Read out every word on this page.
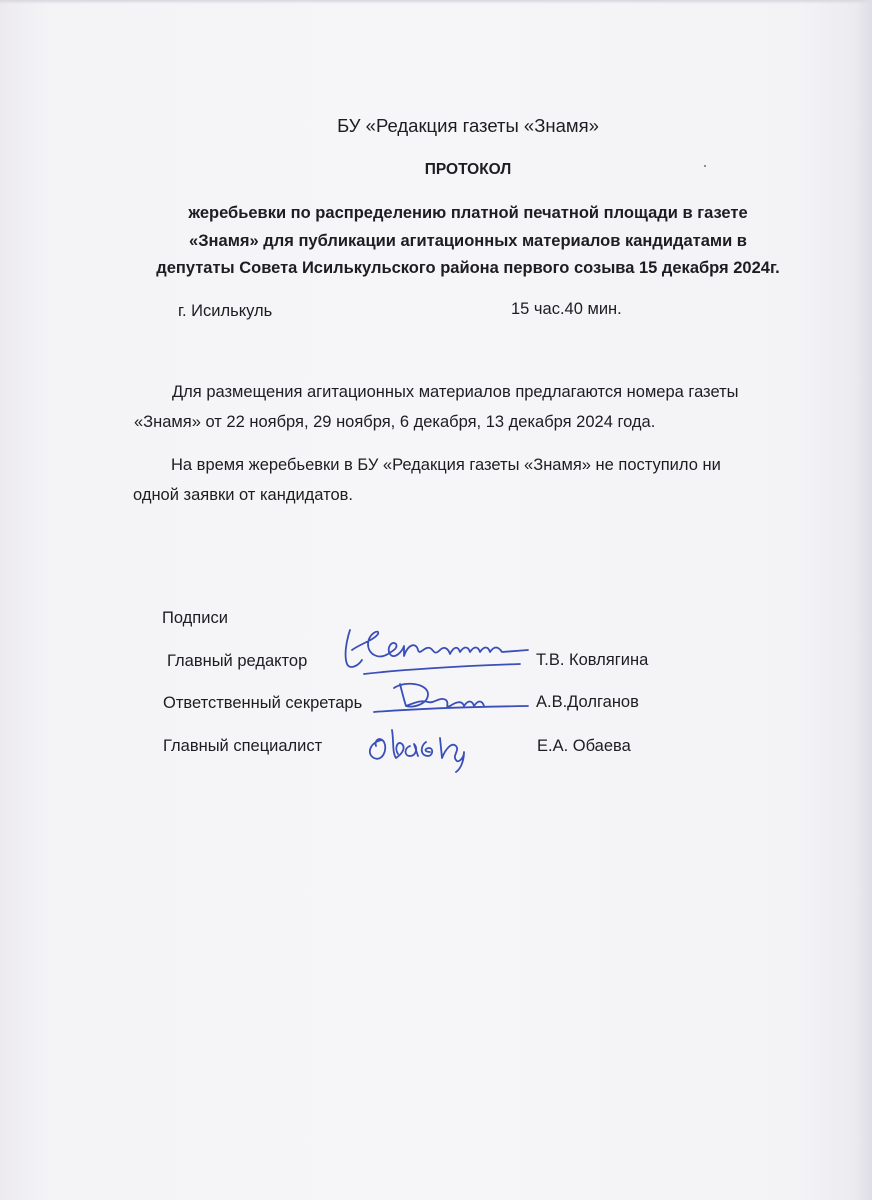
БУ «Редакция газеты «Знамя»
ПРОТОКОЛ
жеребьевки по распределению платной печатной площади в газете
«Знамя» для публикации агитационных материалов кандидатами в
депутаты Совета Исилькульского района первого созыва 15 декабря 2024г.
г. Исилькуль	15 час.40 мин.
Для размещения агитационных материалов предлагаются номера газеты
«Знамя» от 22 ноября, 29 ноября, 6 декабря, 13 декабря 2024 года.
На время жеребьевки в БУ «Редакция газеты «Знамя» не поступило ни
одной заявки от кандидатов.
Подписи
Главный редактор	Т.В. Ковлягина
Ответственный секретарь	А.В.Долганов
Главный специалист	Е.А. Обаева
